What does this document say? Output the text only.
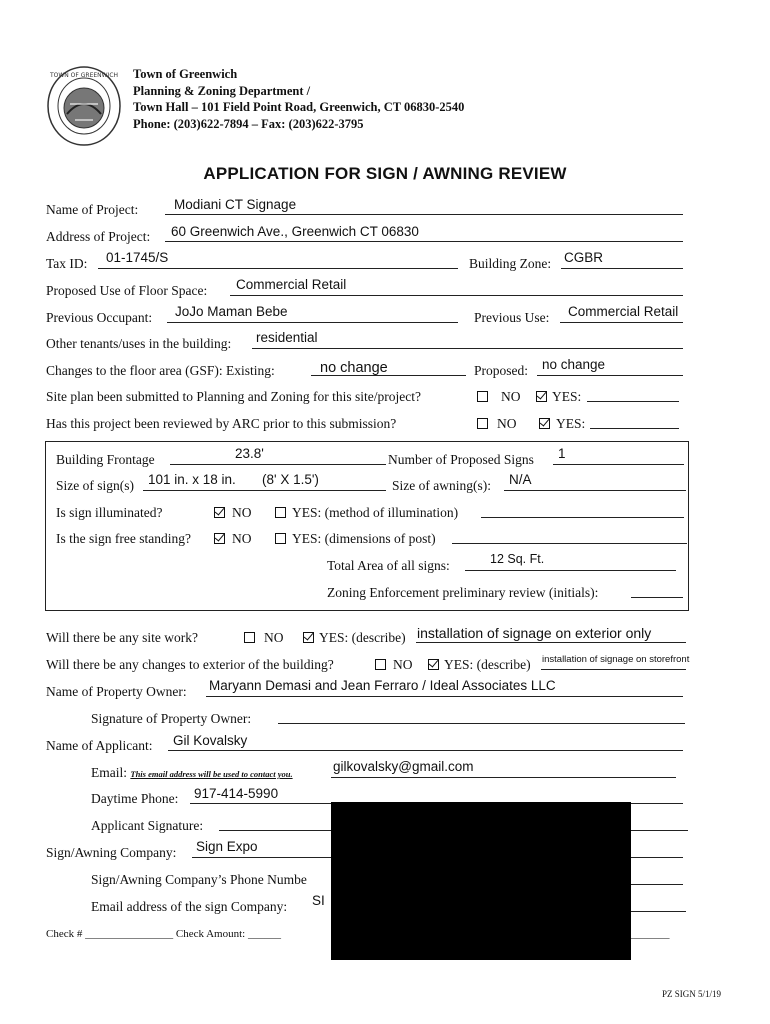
TOWN OF GREENWICH Town of Greenwich
Planning & Zoning Department /
Town Hall – 101 Field Point Road, Greenwich, CT 06830-2540
Phone: (203)622-7894 – Fax: (203)622-3795
APPLICATION FOR SIGN / AWNING REVIEW
Name of Project:	Modiani CT Signage
Address of Project: 60 Greenwich Ave., Greenwich CT 06830
Tax ID: 01-1745/S	Building Zone: CGBR
Proposed Use of Floor Space: Commercial Retail
Previous Occupant: JoJo Maman Bebe	Previous Use: Commercial Retail
Other tenants/uses in the building: residential
Changes to the floor area (GSF): Existing:	no change	Proposed: no change
Site plan been submitted to Planning and Zoning for this site/project?	NO YES:
Has this project been reviewed by ARC prior to this submission?	NO	YES:
Building Frontage	23.8'	Number of Proposed Signs 1
Size of sign(s) 101 in. x 18 in. (8' X 1.5')	Size of awning(s): N/A
Is sign illuminated?	NO	YES: (method of illumination)
Is the sign free standing?	NO	YES: (dimensions of post)
Total Area of all signs:	12 Sq. Ft.
Zoning Enforcement preliminary review (initials):
Will there be any site work?	NO	YES: (describe) installation of signage on exterior only
Will there be any changes to exterior of the building?	NO YES: (describe) installation of signage on storefront
Name of Property Owner: Maryann Demasi and Jean Ferraro / Ideal Associates LLC
Signature of Property Owner:
Name of Applicant: Gil Kovalsky
Email: This email address will be used to contact you.	gilkovalsky@gmail.com
Daytime Phone: 917-414-5990
Applicant Signature:
Sign/Awning Company: Sign Expo
Sign/Awning Company’s Phone Numbe
Email address of the sign Company: SI
Check # ________________ Check Amount: ______	_______
PZ SIGN 5/1/19
